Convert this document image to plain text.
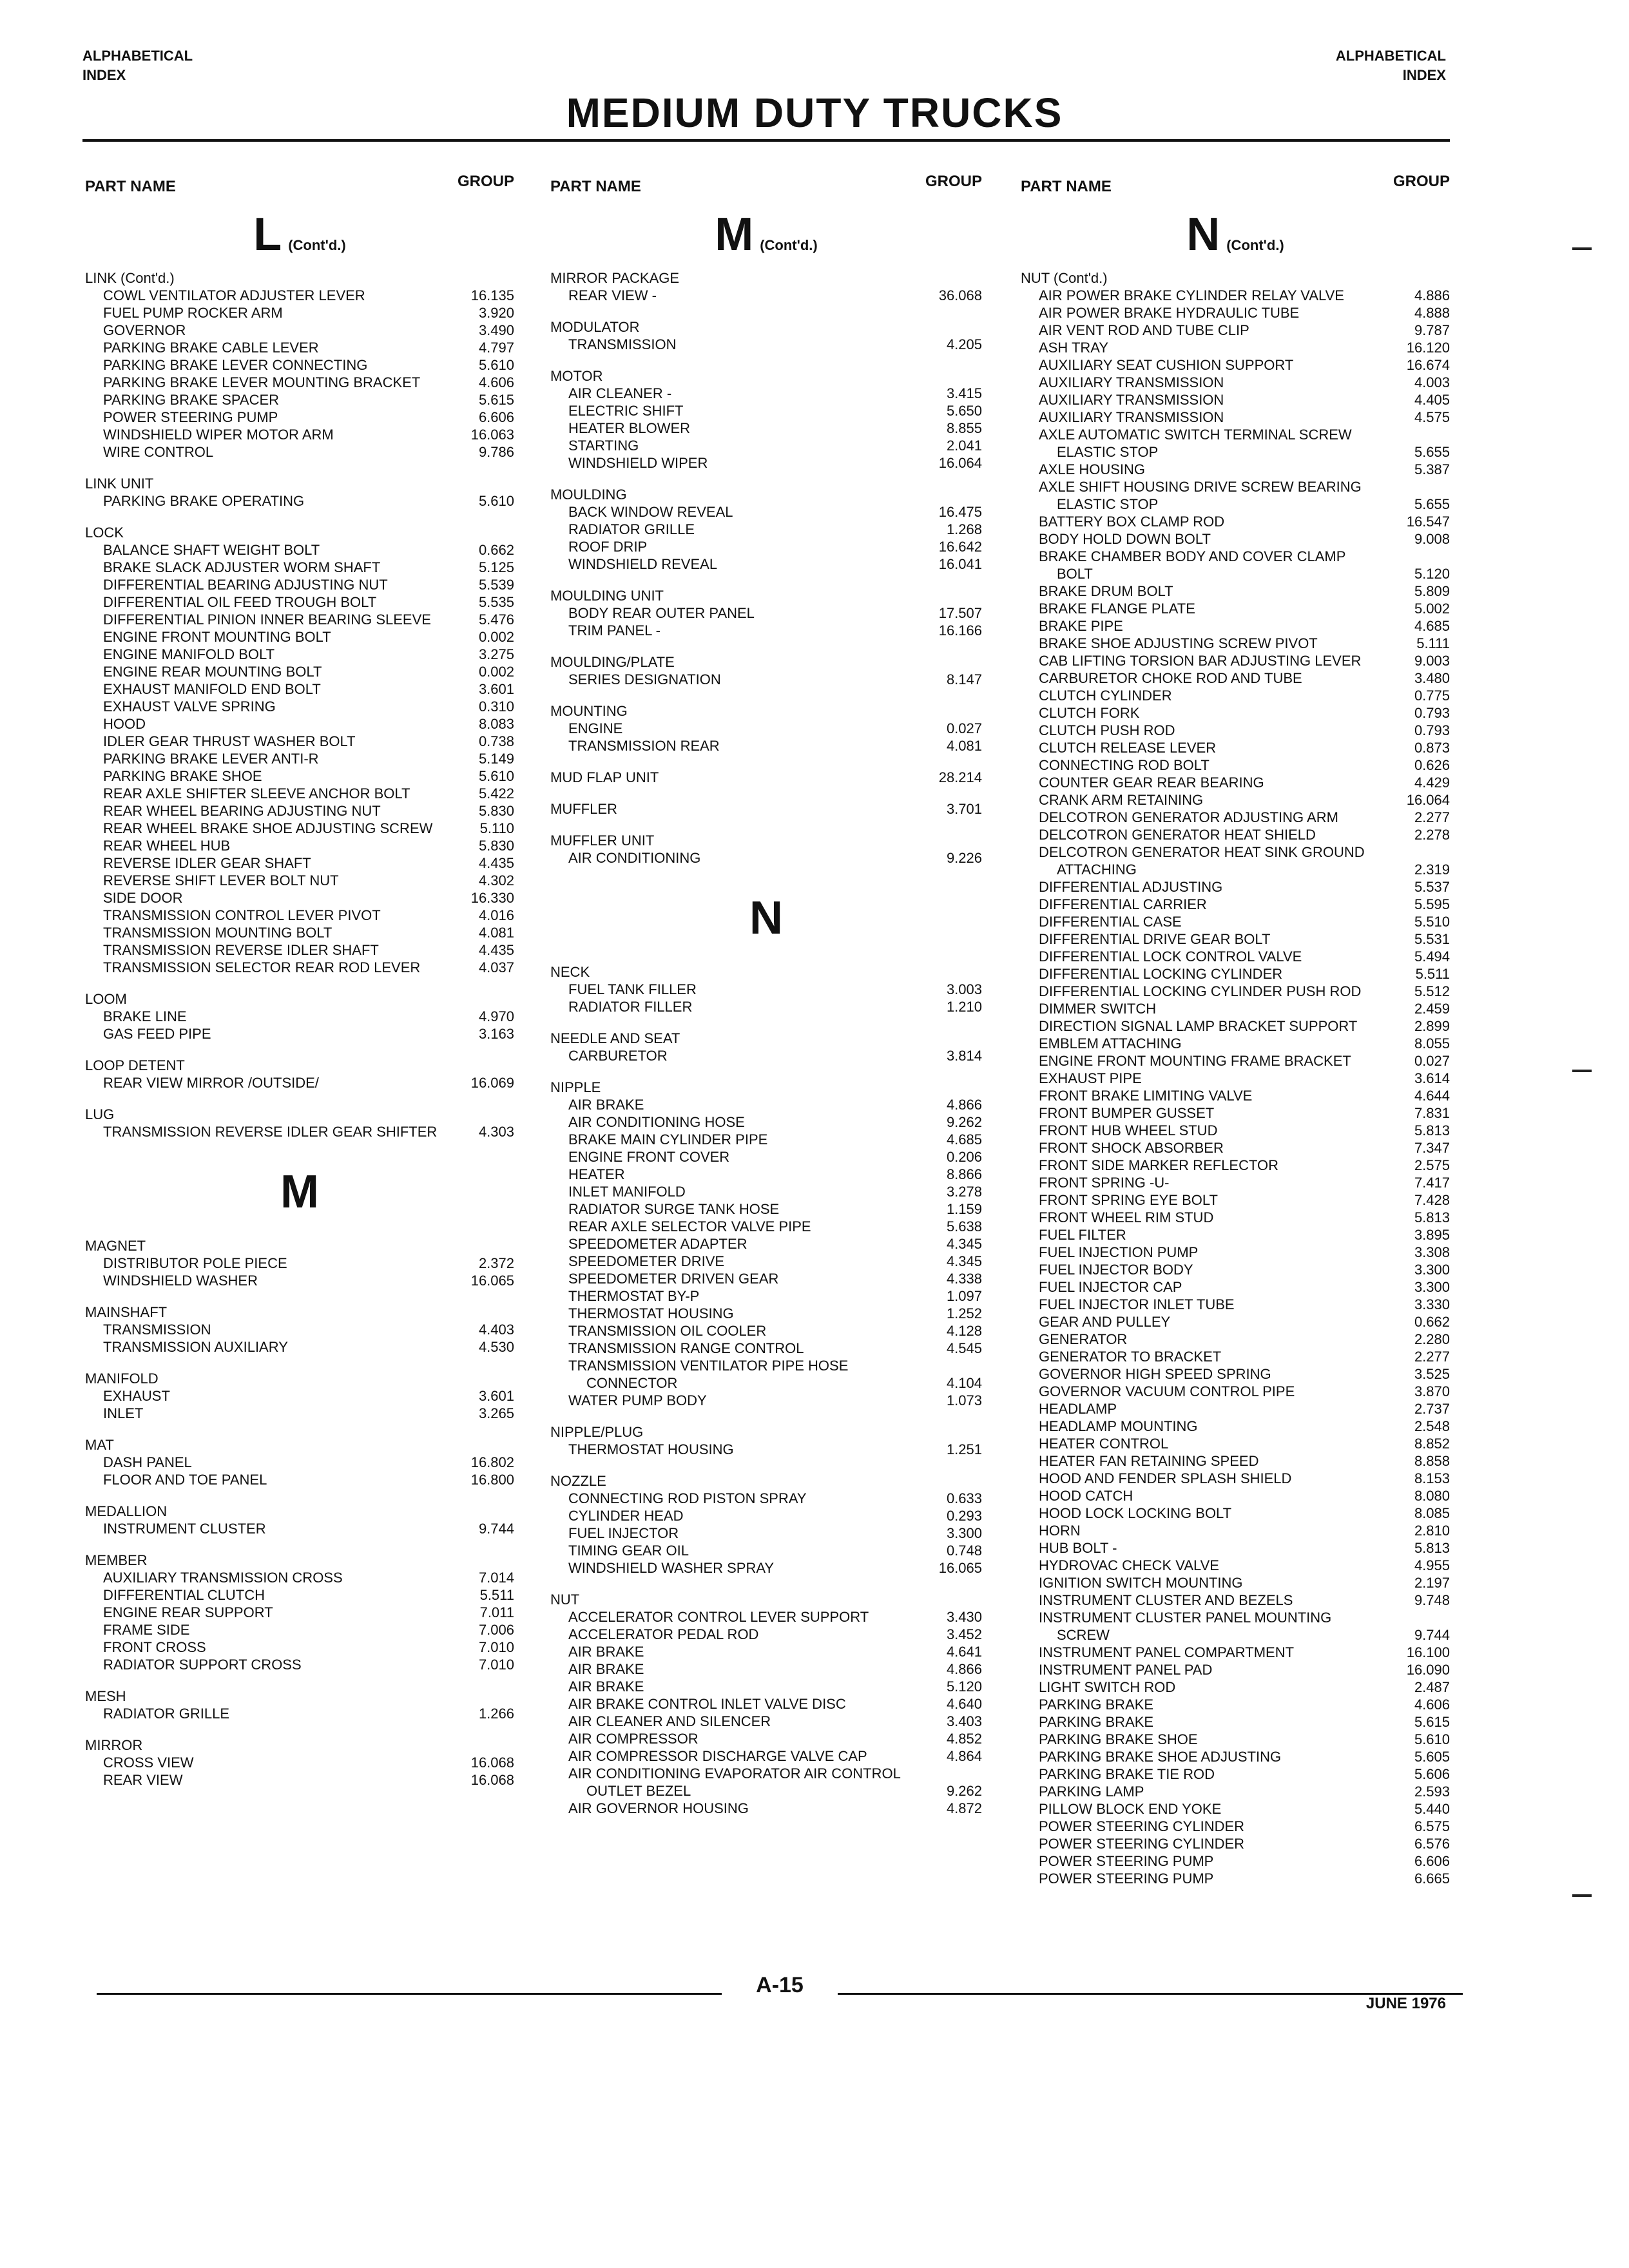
ALPHABETICAL
INDEX
ALPHABETICAL
INDEX
MEDIUM DUTY TRUCKS
PART NAME	GROUP
L (Cont'd.)
LINK (Cont'd.)
COWL VENTILATOR ADJUSTER LEVER	16.135
FUEL PUMP ROCKER ARM	3.920
GOVERNOR	3.490
PARKING BRAKE CABLE LEVER	4.797
PARKING BRAKE LEVER CONNECTING	5.610
PARKING BRAKE LEVER MOUNTING BRACKET	4.606
PARKING BRAKE SPACER	5.615
POWER STEERING PUMP	6.606
WINDSHIELD WIPER MOTOR ARM	16.063
WIRE CONTROL	9.786
LINK UNIT
PARKING BRAKE OPERATING	5.610
LOCK
BALANCE SHAFT WEIGHT BOLT	0.662
BRAKE SLACK ADJUSTER WORM SHAFT	5.125
DIFFERENTIAL BEARING ADJUSTING NUT	5.539
DIFFERENTIAL OIL FEED TROUGH BOLT	5.535
DIFFERENTIAL PINION INNER BEARING SLEEVE	5.476
ENGINE FRONT MOUNTING BOLT	0.002
ENGINE MANIFOLD BOLT	3.275
ENGINE REAR MOUNTING BOLT	0.002
EXHAUST MANIFOLD END BOLT	3.601
EXHAUST VALVE SPRING	0.310
HOOD	8.083
IDLER GEAR THRUST WASHER BOLT	0.738
PARKING BRAKE LEVER ANTI-R	5.149
PARKING BRAKE SHOE	5.610
REAR AXLE SHIFTER SLEEVE ANCHOR BOLT	5.422
REAR WHEEL BEARING ADJUSTING NUT	5.830
REAR WHEEL BRAKE SHOE ADJUSTING SCREW	5.110
REAR WHEEL HUB	5.830
REVERSE IDLER GEAR SHAFT	4.435
REVERSE SHIFT LEVER BOLT NUT	4.302
SIDE DOOR	16.330
TRANSMISSION CONTROL LEVER PIVOT	4.016
TRANSMISSION MOUNTING BOLT	4.081
TRANSMISSION REVERSE IDLER SHAFT	4.435
TRANSMISSION SELECTOR REAR ROD LEVER	4.037
LOOM
BRAKE LINE	4.970
GAS FEED PIPE	3.163
LOOP DETENT
REAR VIEW MIRROR /OUTSIDE/	16.069
LUG
TRANSMISSION REVERSE IDLER GEAR SHIFTER	4.303
M
MAGNET
DISTRIBUTOR POLE PIECE	2.372
WINDSHIELD WASHER	16.065
MAINSHAFT
TRANSMISSION	4.403
TRANSMISSION AUXILIARY	4.530
MANIFOLD
EXHAUST	3.601
INLET	3.265
MAT
DASH PANEL	16.802
FLOOR AND TOE PANEL	16.800
MEDALLION
INSTRUMENT CLUSTER	9.744
MEMBER
AUXILIARY TRANSMISSION CROSS	7.014
DIFFERENTIAL CLUTCH	5.511
ENGINE REAR SUPPORT	7.011
FRAME SIDE	7.006
FRONT CROSS	7.010
RADIATOR SUPPORT CROSS	7.010
MESH
RADIATOR GRILLE	1.266
MIRROR
CROSS VIEW	16.068
REAR VIEW	16.068
PART NAME	GROUP
M (Cont'd.)
MIRROR PACKAGE
REAR VIEW -	36.068
MODULATOR
TRANSMISSION	4.205
MOTOR
AIR CLEANER -	3.415
ELECTRIC SHIFT	5.650
HEATER BLOWER	8.855
STARTING	2.041
WINDSHIELD WIPER	16.064
MOULDING
BACK WINDOW REVEAL	16.475
RADIATOR GRILLE	1.268
ROOF DRIP	16.642
WINDSHIELD REVEAL	16.041
MOULDING UNIT
BODY REAR OUTER PANEL	17.507
TRIM PANEL -	16.166
MOULDING/PLATE
SERIES DESIGNATION	8.147
MOUNTING
ENGINE	0.027
TRANSMISSION REAR	4.081
MUD FLAP UNIT	28.214
MUFFLER	3.701
MUFFLER UNIT
AIR CONDITIONING	9.226
N
NECK
FUEL TANK FILLER	3.003
RADIATOR FILLER	1.210
NEEDLE AND SEAT
CARBURETOR	3.814
NIPPLE
AIR BRAKE	4.866
AIR CONDITIONING HOSE	9.262
BRAKE MAIN CYLINDER PIPE	4.685
ENGINE FRONT COVER	0.206
HEATER	8.866
INLET MANIFOLD	3.278
RADIATOR SURGE TANK HOSE	1.159
REAR AXLE SELECTOR VALVE PIPE	5.638
SPEEDOMETER ADAPTER	4.345
SPEEDOMETER DRIVE	4.345
SPEEDOMETER DRIVEN GEAR	4.338
THERMOSTAT BY-P	1.097
THERMOSTAT HOUSING	1.252
TRANSMISSION OIL COOLER	4.128
TRANSMISSION RANGE CONTROL	4.545
TRANSMISSION VENTILATOR PIPE HOSE
CONNECTOR	4.104
WATER PUMP BODY	1.073
NIPPLE/PLUG
THERMOSTAT HOUSING	1.251
NOZZLE
CONNECTING ROD PISTON SPRAY	0.633
CYLINDER HEAD	0.293
FUEL INJECTOR	3.300
TIMING GEAR OIL	0.748
WINDSHIELD WASHER SPRAY	16.065
NUT
ACCELERATOR CONTROL LEVER SUPPORT	3.430
ACCELERATOR PEDAL ROD	3.452
AIR BRAKE	4.641
AIR BRAKE	4.866
AIR BRAKE	5.120
AIR BRAKE CONTROL INLET VALVE DISC	4.640
AIR CLEANER AND SILENCER	3.403
AIR COMPRESSOR	4.852
AIR COMPRESSOR DISCHARGE VALVE CAP	4.864
AIR CONDITIONING EVAPORATOR AIR CONTROL
OUTLET BEZEL	9.262
AIR GOVERNOR HOUSING	4.872
PART NAME	GROUP
N (Cont'd.)
NUT (Cont'd.)
AIR POWER BRAKE CYLINDER RELAY VALVE	4.886
AIR POWER BRAKE HYDRAULIC TUBE	4.888
AIR VENT ROD AND TUBE CLIP	9.787
ASH TRAY	16.120
AUXILIARY SEAT CUSHION SUPPORT	16.674
AUXILIARY TRANSMISSION	4.003
AUXILIARY TRANSMISSION	4.405
AUXILIARY TRANSMISSION	4.575
AXLE AUTOMATIC SWITCH TERMINAL SCREW
ELASTIC STOP	5.655
AXLE HOUSING	5.387
AXLE SHIFT HOUSING DRIVE SCREW BEARING
ELASTIC STOP	5.655
BATTERY BOX CLAMP ROD	16.547
BODY HOLD DOWN BOLT	9.008
BRAKE CHAMBER BODY AND COVER CLAMP
BOLT	5.120
BRAKE DRUM BOLT	5.809
BRAKE FLANGE PLATE	5.002
BRAKE PIPE	4.685
BRAKE SHOE ADJUSTING SCREW PIVOT	5.111
CAB LIFTING TORSION BAR ADJUSTING LEVER	9.003
CARBURETOR CHOKE ROD AND TUBE	3.480
CLUTCH CYLINDER	0.775
CLUTCH FORK	0.793
CLUTCH PUSH ROD	0.793
CLUTCH RELEASE LEVER	0.873
CONNECTING ROD BOLT	0.626
COUNTER GEAR REAR BEARING	4.429
CRANK ARM RETAINING	16.064
DELCOTRON GENERATOR ADJUSTING ARM	2.277
DELCOTRON GENERATOR HEAT SHIELD	2.278
DELCOTRON GENERATOR HEAT SINK GROUND
ATTACHING	2.319
DIFFERENTIAL ADJUSTING	5.537
DIFFERENTIAL CARRIER	5.595
DIFFERENTIAL CASE	5.510
DIFFERENTIAL DRIVE GEAR BOLT	5.531
DIFFERENTIAL LOCK CONTROL VALVE	5.494
DIFFERENTIAL LOCKING CYLINDER	5.511
DIFFERENTIAL LOCKING CYLINDER PUSH ROD	5.512
DIMMER SWITCH	2.459
DIRECTION SIGNAL LAMP BRACKET SUPPORT	2.899
EMBLEM ATTACHING	8.055
ENGINE FRONT MOUNTING FRAME BRACKET	0.027
EXHAUST PIPE	3.614
FRONT BRAKE LIMITING VALVE	4.644
FRONT BUMPER GUSSET	7.831
FRONT HUB WHEEL STUD	5.813
FRONT SHOCK ABSORBER	7.347
FRONT SIDE MARKER REFLECTOR	2.575
FRONT SPRING -U-	7.417
FRONT SPRING EYE BOLT	7.428
FRONT WHEEL RIM STUD	5.813
FUEL FILTER	3.895
FUEL INJECTION PUMP	3.308
FUEL INJECTOR BODY	3.300
FUEL INJECTOR CAP	3.300
FUEL INJECTOR INLET TUBE	3.330
GEAR AND PULLEY	0.662
GENERATOR	2.280
GENERATOR TO BRACKET	2.277
GOVERNOR HIGH SPEED SPRING	3.525
GOVERNOR VACUUM CONTROL PIPE	3.870
HEADLAMP	2.737
HEADLAMP MOUNTING	2.548
HEATER CONTROL	8.852
HEATER FAN RETAINING SPEED	8.858
HOOD AND FENDER SPLASH SHIELD	8.153
HOOD CATCH	8.080
HOOD LOCK LOCKING BOLT	8.085
HORN	2.810
HUB BOLT -	5.813
HYDROVAC CHECK VALVE	4.955
IGNITION SWITCH MOUNTING	2.197
INSTRUMENT CLUSTER AND BEZELS	9.748
INSTRUMENT CLUSTER PANEL MOUNTING
SCREW	9.744
INSTRUMENT PANEL COMPARTMENT	16.100
INSTRUMENT PANEL PAD	16.090
LIGHT SWITCH ROD	2.487
PARKING BRAKE	4.606
PARKING BRAKE	5.615
PARKING BRAKE SHOE	5.610
PARKING BRAKE SHOE ADJUSTING	5.605
PARKING BRAKE TIE ROD	5.606
PARKING LAMP	2.593
PILLOW BLOCK END YOKE	5.440
POWER STEERING CYLINDER	6.575
POWER STEERING CYLINDER	6.576
POWER STEERING PUMP	6.606
POWER STEERING PUMP	6.665
A-15
JUNE 1976
